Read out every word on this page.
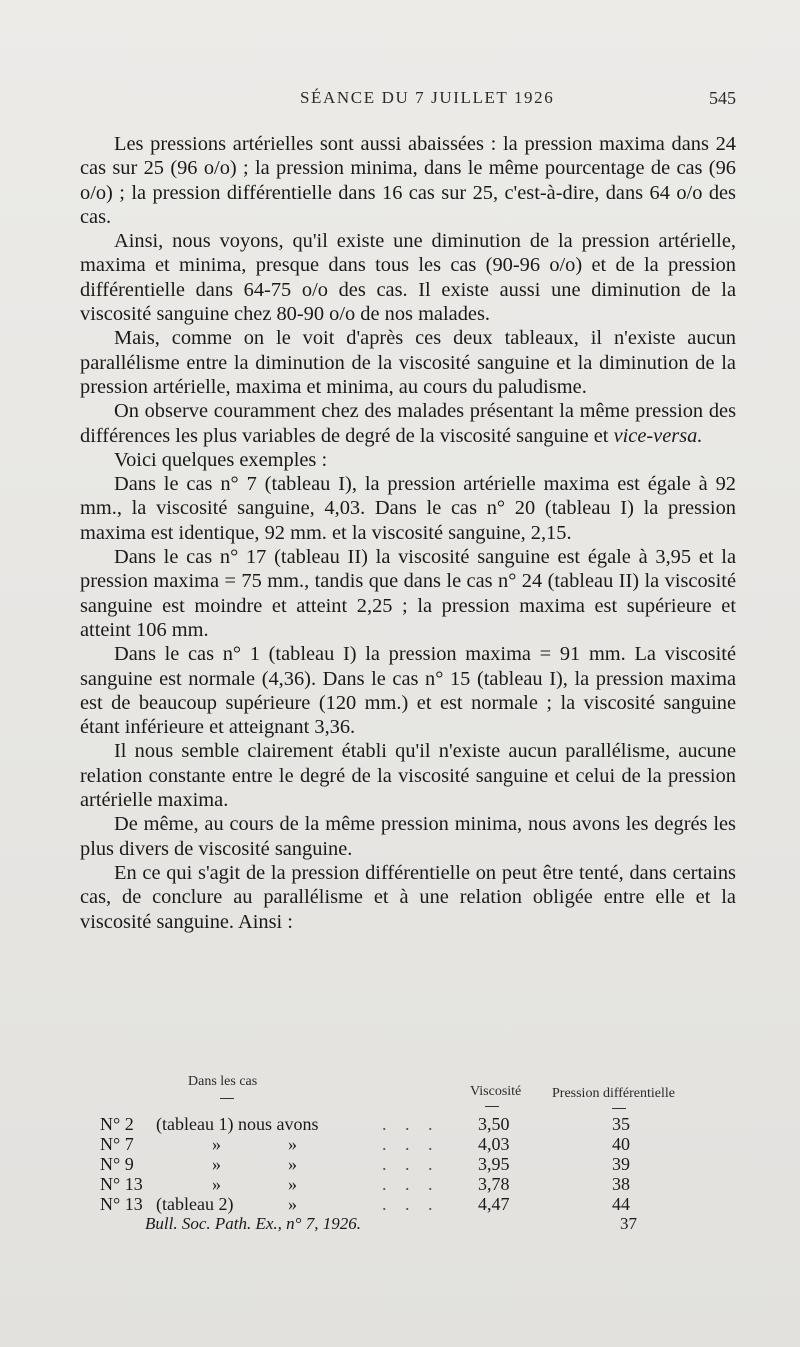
SÉANCE DU 7 JUILLET 1926	545

Les pressions artérielles sont aussi abaissées : la pression maxima dans 24 cas sur 25 (96 o/o) ; la pression minima, dans le même pourcentage de cas (96 o/o) ; la pression différentielle dans 16 cas sur 25, c'est-à-dire, dans 64 o/o des cas.

Ainsi, nous voyons, qu'il existe une diminution de la pression artérielle, maxima et minima, presque dans tous les cas (90-96 o/o) et de la pression différentielle dans 64-75 o/o des cas. Il existe aussi une diminution de la viscosité sanguine chez 80-90 o/o de nos malades.

Mais, comme on le voit d'après ces deux tableaux, il n'existe aucun parallélisme entre la diminution de la viscosité sanguine et la diminution de la pression artérielle, maxima et minima, au cours du paludisme.

On observe couramment chez des malades présentant la même pression des différences les plus variables de degré de la viscosité sanguine et vice-versa.

Voici quelques exemples :

Dans le cas n° 7 (tableau I), la pression artérielle maxima est égale à 92 mm., la viscosité sanguine, 4,03. Dans le cas n° 20 (tableau I) la pression maxima est identique, 92 mm. et la viscosité sanguine, 2,15.

Dans le cas n° 17 (tableau II) la viscosité sanguine est égale à 3,95 et la pression maxima = 75 mm., tandis que dans le cas n° 24 (tableau II) la viscosité sanguine est moindre et atteint 2,25 ; la pression maxima est supérieure et atteint 106 mm.

Dans le cas n° 1 (tableau I) la pression maxima = 91 mm. La viscosité sanguine est normale (4,36). Dans le cas n° 15 (tableau I), la pression maxima est de beaucoup supérieure (120 mm.) et est normale ; la viscosité sanguine étant inférieure et atteignant 3,36.

Il nous semble clairement établi qu'il n'existe aucun parallélisme, aucune relation constante entre le degré de la viscosité sanguine et celui de la pression artérielle maxima.

De même, au cours de la même pression minima, nous avons les degrés les plus divers de viscosité sanguine.

En ce qui s'agit de la pression différentielle on peut être tenté, dans certains cas, de conclure au parallélisme et à une relation obligée entre elle et la viscosité sanguine. Ainsi :

Dans les cas
Viscosité Pression différentielle
N° 2 (tableau 1) nous avons	. . . 3,50	35
N° 7	»	»	. . . 4,03	40
N° 9	»	»	. . . 3,95	39
N° 13	»	»	. . . 3,78	38
N° 13 (tableau 2)	»	. . . 4,47	44
Bull. Soc. Path. Ex., n° 7, 1926.	37
